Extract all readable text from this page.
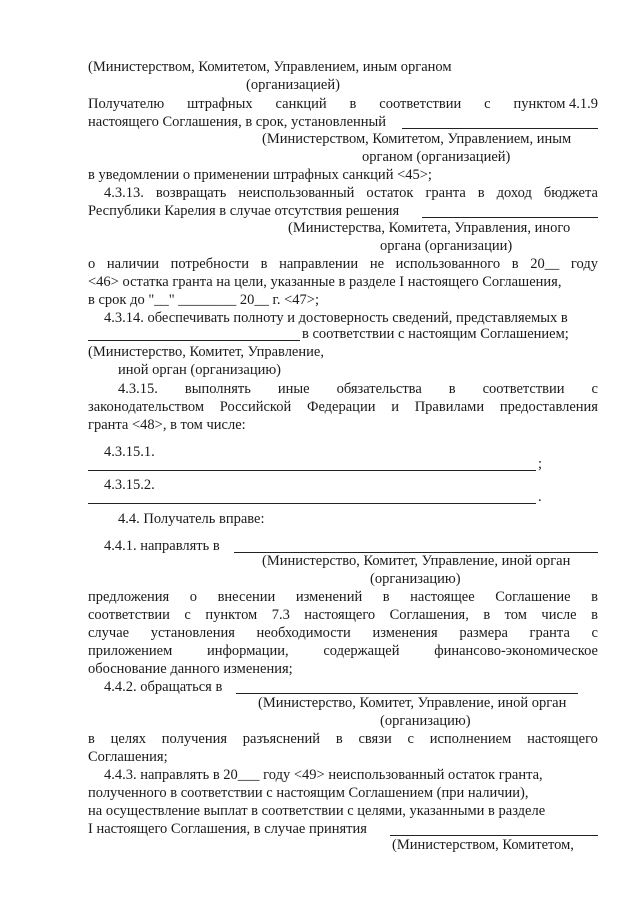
(Министерством, Комитетом, Управлением, иным органом
(организацией)
Получателю штрафных санкций в соответствии с пунктом 4.1.9
настоящего Соглашения, в срок, установленный
(Министерством, Комитетом, Управлением, иным
органом (организацией)
в уведомлении о применении штрафных санкций <45>;
4.3.13. возвращать неиспользованный остаток гранта в доход бюджета
Республики Карелия в случае отсутствия решения
(Министерства, Комитета, Управления, иного
органа (организации)
о наличии потребности в направлении не использованного в 20__ году
<46> остатка гранта на цели, указанные в разделе I настоящего Соглашения,
в срок до "__" ________ 20__ г. <47>;
4.3.14. обеспечивать полноту и достоверность сведений, представляемых в
в соответствии с настоящим Соглашением;
(Министерство, Комитет, Управление,
иной орган (организацию)
4.3.15. выполнять иные обязательства в соответствии с
законодательством Российской Федерации и Правилами предоставления
гранта <48>, в том числе:
4.3.15.1.
;
4.3.15.2.
.
4.4. Получатель вправе:
4.4.1. направлять в
(Министерство, Комитет, Управление, иной орган
(организацию)
предложения о внесении изменений в настоящее Соглашение в
соответствии с пунктом 7.3 настоящего Соглашения, в том числе в
случае установления необходимости изменения размера гранта с
приложением информации, содержащей финансово-экономическое
обоснование данного изменения;
4.4.2. обращаться в
(Министерство, Комитет, Управление, иной орган
(организацию)
в целях получения разъяснений в связи с исполнением настоящего
Соглашения;
4.4.3. направлять в 20___ году <49> неиспользованный остаток гранта,
полученного в соответствии с настоящим Соглашением (при наличии),
на осуществление выплат в соответствии с целями, указанными в разделе
I настоящего Соглашения, в случае принятия
(Министерством, Комитетом,
